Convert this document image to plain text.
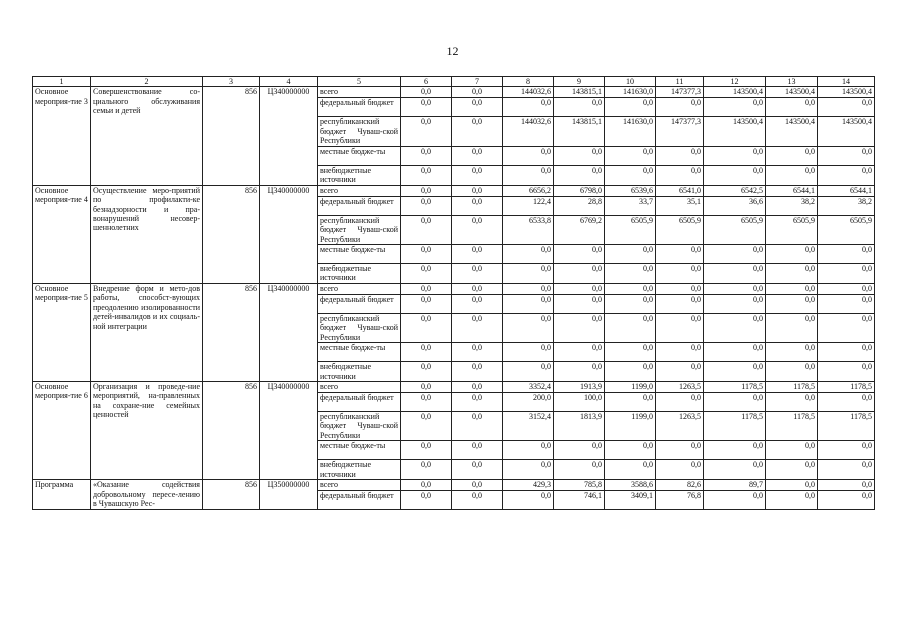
12
1	2	3	4	5	6	7	8	9	10	11	12	13	14
Основное мероприя-тие 3	Совершенствование со-циального обслуживания семьи и детей	856	Ц340000000	всего	0,0	0,0	144032,6	143815,1	141630,0	147377,3	143500,4	143500,4	143500,4
				федеральный бюджет	0,0	0,0	0,0	0,0	0,0	0,0	0,0	0,0	0,0
				республиканский бюджет Чуваш-ской Республики	0,0	0,0	144032,6	143815,1	141630,0	147377,3	143500,4	143500,4	143500,4
				местные бюдже-ты	0,0	0,0	0,0	0,0	0,0	0,0	0,0	0,0	0,0
				внебюджетные источники	0,0	0,0	0,0	0,0	0,0	0,0	0,0	0,0	0,0
Основное мероприя-тие 4	Осуществление меро-приятий по профилакти-ке безнадзорности и пра-вонарушений несовер-шеннолетних	856	Ц340000000	всего	0,0	0,0	6656,2	6798,0	6539,6	6541,0	6542,5	6544,1	6544,1
				федеральный бюджет	0,0	0,0	122,4	28,8	33,7	35,1	36,6	38,2	38,2
				республиканский бюджет Чуваш-ской Республики	0,0	0,0	6533,8	6769,2	6505,9	6505,9	6505,9	6505,9	6505,9
				местные бюдже-ты	0,0	0,0	0,0	0,0	0,0	0,0	0,0	0,0	0,0
				внебюджетные источники	0,0	0,0	0,0	0,0	0,0	0,0	0,0	0,0	0,0
Основное мероприя-тие 5	Внедрение форм и мето-дов работы, способст-вующих преодолению изолированности детей-инвалидов и их социаль-ной интеграции	856	Ц340000000	всего	0,0	0,0	0,0	0,0	0,0	0,0	0,0	0,0	0,0
				федеральный бюджет	0,0	0,0	0,0	0,0	0,0	0,0	0,0	0,0	0,0
				республиканский бюджет Чуваш-ской Республики	0,0	0,0	0,0	0,0	0,0	0,0	0,0	0,0	0,0
				местные бюдже-ты	0,0	0,0	0,0	0,0	0,0	0,0	0,0	0,0	0,0
				внебюджетные источники	0,0	0,0	0,0	0,0	0,0	0,0	0,0	0,0	0,0
Основное мероприя-тие 6	Организация и проведе-ние мероприятий, на-правленных на сохране-ние семейных ценностей	856	Ц340000000	всего	0,0	0,0	3352,4	1913,9	1199,0	1263,5	1178,5	1178,5	1178,5
				федеральный бюджет	0,0	0,0	200,0	100,0	0,0	0,0	0,0	0,0	0,0
				республиканский бюджет Чуваш-ской Республики	0,0	0,0	3152,4	1813,9	1199,0	1263,5	1178,5	1178,5	1178,5
				местные бюдже-ты	0,0	0,0	0,0	0,0	0,0	0,0	0,0	0,0	0,0
				внебюджетные источники	0,0	0,0	0,0	0,0	0,0	0,0	0,0	0,0	0,0
Программа	«Оказание содействия добровольному пересе-лению в Чувашскую Рес-	856	Ц350000000	всего	0,0	0,0	429,3	785,8	3588,6	82,6	89,7	0,0	0,0
				федеральный бюджет	0,0	0,0	0,0	746,1	3409,1	76,8	0,0	0,0	0,0
